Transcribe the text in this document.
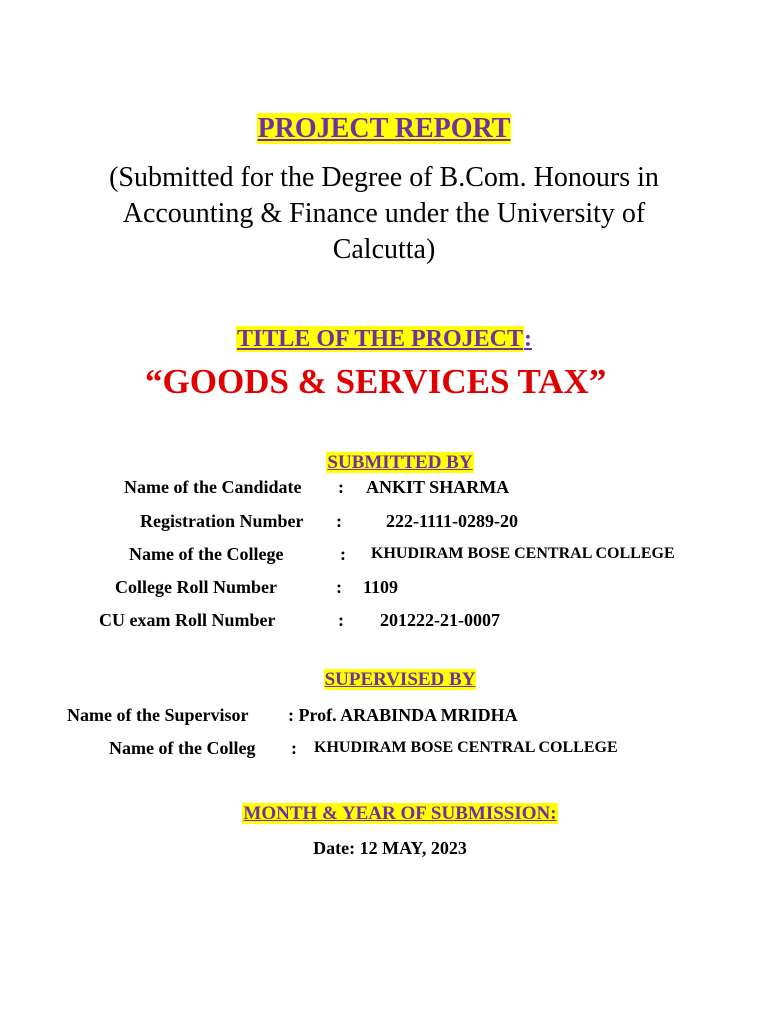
PROJECT REPORT
(Submitted for the Degree of B.Com. Honours in
Accounting & Finance under the University of
Calcutta)
TITLE OF THE PROJECT:
“GOODS & SERVICES TAX”
SUBMITTED BY
Name of the Candidate : ANKIT SHARMA
Registration Number : 222-1111-0289-20
Name of the College	: KHUDIRAM BOSE CENTRAL COLLEGE
College Roll Number	: 1109
CU exam Roll Number	: 201222-21-0007
SUPERVISED BY
Name of the Supervisor : Prof. ARABINDA MRIDHA
Name of the Colleg : KHUDIRAM BOSE CENTRAL COLLEGE
MONTH & YEAR OF SUBMISSION:
Date: 12 MAY, 2023
